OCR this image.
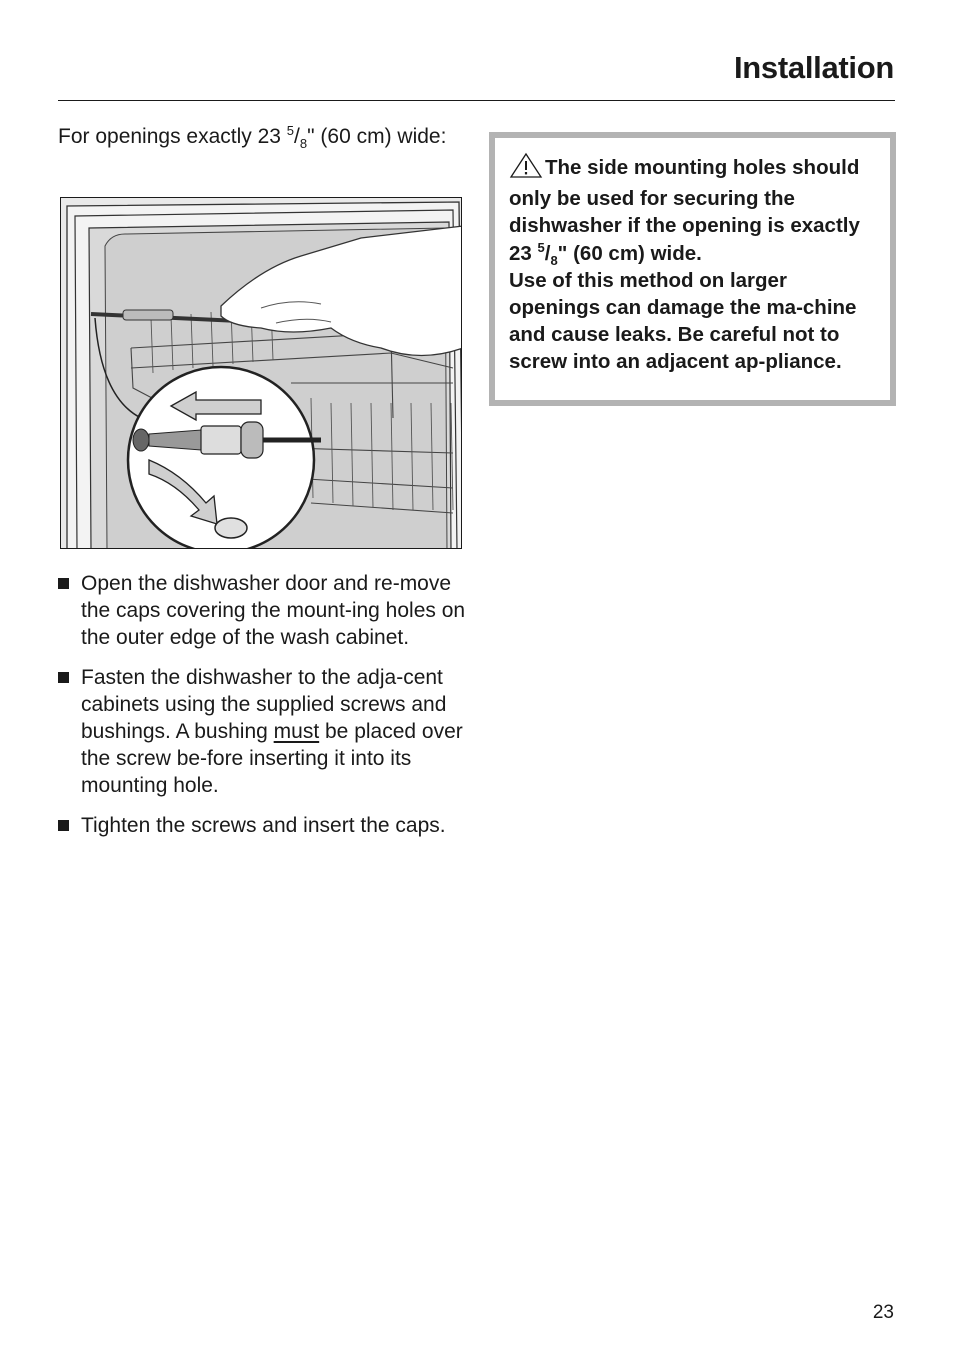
Installation
For openings exactly 23 $^5/_8$" (60 cm) wide:
Open the dishwasher door and re-move the caps covering the mount-ing holes on the outer edge of the wash cabinet.
Fasten the dishwasher to the adja-cent cabinets using the supplied screws and bushings. A bushing must be placed over the screw be-fore inserting it into its mounting hole.
Tighten the screws and insert the caps.
The side mounting holes should only be used for securing the dishwasher if the opening is exactly 23 $^5/_8$" (60 cm) wide.
Use of this method on larger openings can damage the ma-chine and cause leaks. Be careful not to screw into an adjacent ap-pliance.
23
